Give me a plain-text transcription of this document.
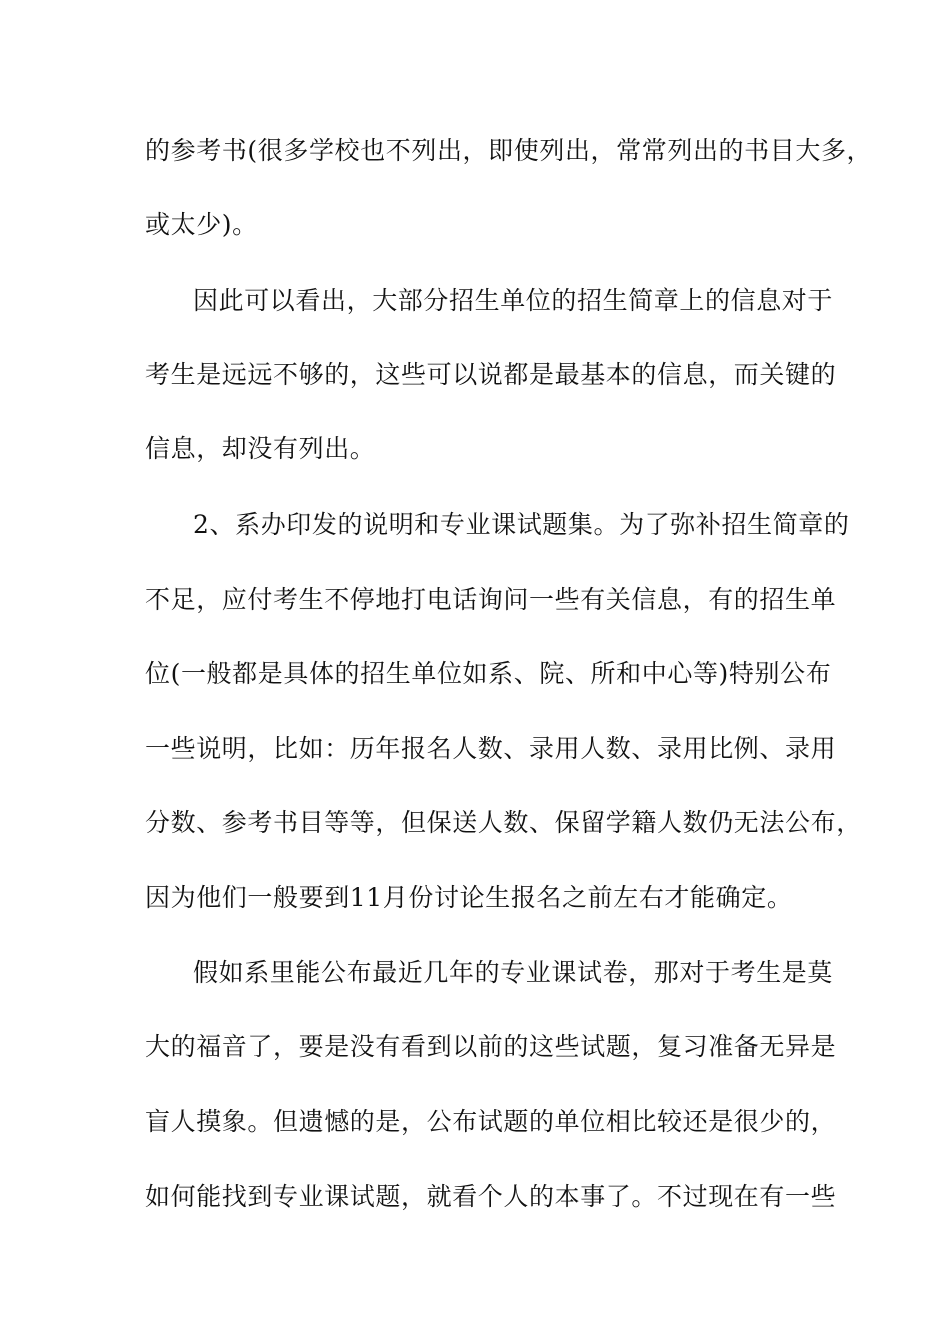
的参考书(很多学校也不列出，即使列出，常常列出的书目大多，
或太少)。
因此可以看出，大部分招生单位的招生简章上的信息对于
考生是远远不够的，这些可以说都是最基本的信息，而关键的
信息，却没有列出。
2、系办印发的说明和专业课试题集。为了弥补招生简章的
不足，应付考生不停地打电话询问一些有关信息，有的招生单
位(一般都是具体的招生单位如系、院、所和中心等)特别公布
一些说明，比如：历年报名人数、录用人数、录用比例、录用
分数、参考书目等等，但保送人数、保留学籍人数仍无法公布，
因为他们一般要到11月份讨论生报名之前左右才能确定。
假如系里能公布最近几年的专业课试卷，那对于考生是莫
大的福音了，要是没有看到以前的这些试题，复习准备无异是
盲人摸象。但遗憾的是，公布试题的单位相比较还是很少的，
如何能找到专业课试题，就看个人的本事了。不过现在有一些
